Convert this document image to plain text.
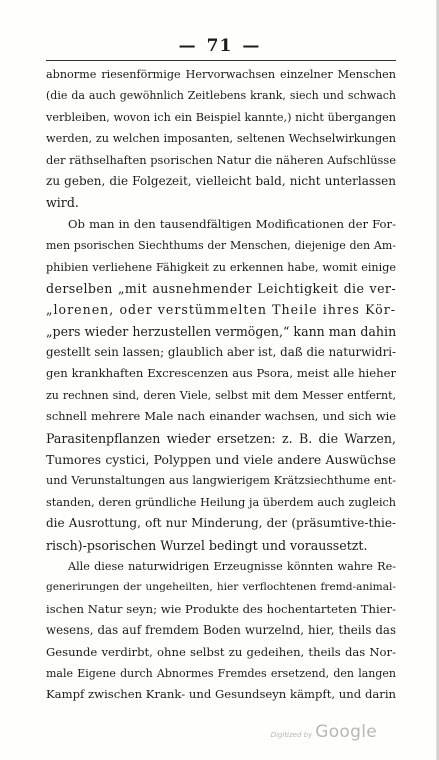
— 71 —
abnorme riesenförmige Hervorwachsen einzelner Menschen
(die da auch gewöhnlich Zeitlebens krank, siech und schwach
verbleiben, wovon ich ein Beispiel kannte,) nicht übergangen
werden, zu welchen imposanten, seltenen Wechselwirkungen
der räthselhaften psorischen Natur die näheren Aufschlüsse
zu geben, die Folgezeit, vielleicht bald, nicht unterlassen
wird.
Ob man in den tausendfältigen Modificationen der For-
men psorischen Siechthums der Menschen, diejenige den Am-
phibien verliehene Fähigkeit zu erkennen habe, womit einige
derselben „mit ausnehmender Leichtigkeit die ver-
„lorenen, oder verstümmelten Theile ihres Kör-
„pers wieder herzustellen vermögen,“ kann man dahin
gestellt sein lassen; glaublich aber ist, daß die naturwidri-
gen krankhaften Excrescenzen aus Psora, meist alle hieher
zu rechnen sind, deren Viele, selbst mit dem Messer entfernt,
schnell mehrere Male nach einander wachsen, und sich wie
Parasitenpflanzen wieder ersetzen: z. B. die Warzen,
Tumores cystici, Polyppen und viele andere Auswüchse
und Verunstaltungen aus langwierigem Krätzsiechthume ent-
standen, deren gründliche Heilung ja überdem auch zugleich
die Ausrottung, oft nur Minderung, der (präsumtive-thie-
risch)-psorischen Wurzel bedingt und voraussetzt.
Alle diese naturwidrigen Erzeugnisse könnten wahre Re-
generirungen der ungeheilten, hier verflochtenen fremd-animal-
ischen Natur seyn; wie Produkte des hochentarteten Thier-
wesens, das auf fremdem Boden wurzelnd, hier, theils das
Gesunde verdirbt, ohne selbst zu gedeihen, theils das Nor-
male Eigene durch Abnormes Fremdes ersetzend, den langen
Kampf zwischen Krank- und Gesundseyn kämpft, und darin
Digitized by Google
